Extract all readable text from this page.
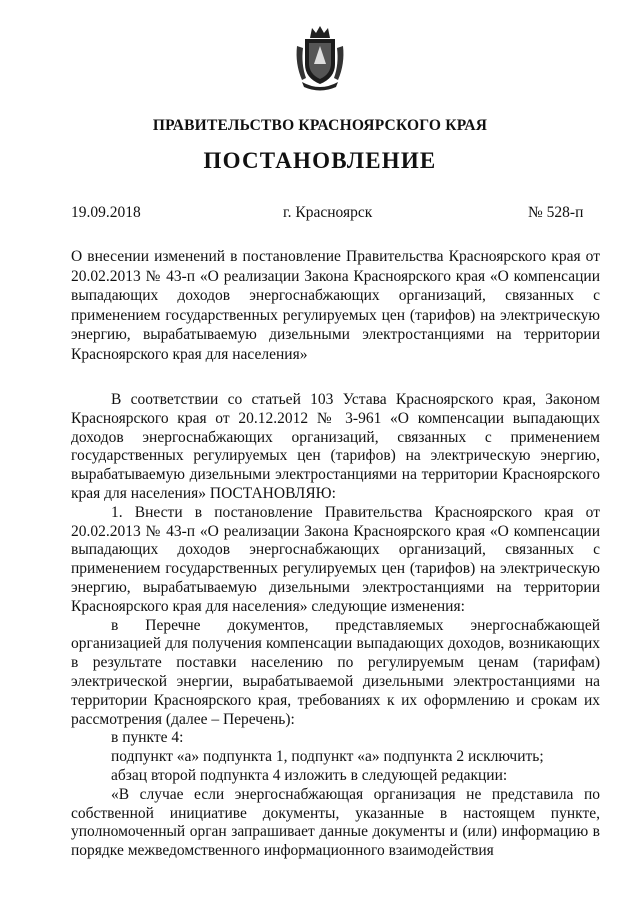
ПРАВИТЕЛЬСТВО КРАСНОЯРСКОГО КРАЯ
ПОСТАНОВЛЕНИЕ
19.09.2018	г. Красноярск	№ 528-п
О внесении изменений в постановление Правительства Красноярского края от 20.02.2013 № 43-п «О реализации Закона Красноярского края «О компенсации выпадающих доходов энергоснабжающих организаций, связанных с применением государственных регулируемых цен (тарифов) на электрическую энергию, вырабатываемую дизельными электростанциями на территории Красноярского края для населения»

В соответствии со статьей 103 Устава Красноярского края, Законом Красноярского края от 20.12.2012 № 3-961 «О компенсации выпадающих доходов энергоснабжающих организаций, связанных с применением государственных регулируемых цен (тарифов) на электрическую энергию, вырабатываемую дизельными электростанциями на территории Красноярского края для населения» ПОСТАНОВЛЯЮ:

1. Внести в постановление Правительства Красноярского края от 20.02.2013 № 43-п «О реализации Закона Красноярского края «О компенсации выпадающих доходов энергоснабжающих организаций, связанных с применением государственных регулируемых цен (тарифов) на электрическую энергию, вырабатываемую дизельными электростанциями на территории Красноярского края для населения» следующие изменения:

в Перечне документов, представляемых энергоснабжающей организацией для получения компенсации выпадающих доходов, возникающих в результате поставки населению по регулируемым ценам (тарифам) электрической энергии, вырабатываемой дизельными электростанциями на территории Красноярского края, требованиях к их оформлению и срокам их рассмотрения (далее – Перечень):

в пункте 4:

подпункт «а» подпункта 1, подпункт «а» подпункта 2 исключить;

абзац второй подпункта 4 изложить в следующей редакции:

«В случае если энергоснабжающая организация не представила по собственной инициативе документы, указанные в настоящем пункте, уполномоченный орган запрашивает данные документы и (или) информацию в порядке межведомственного информационного взаимодействия
